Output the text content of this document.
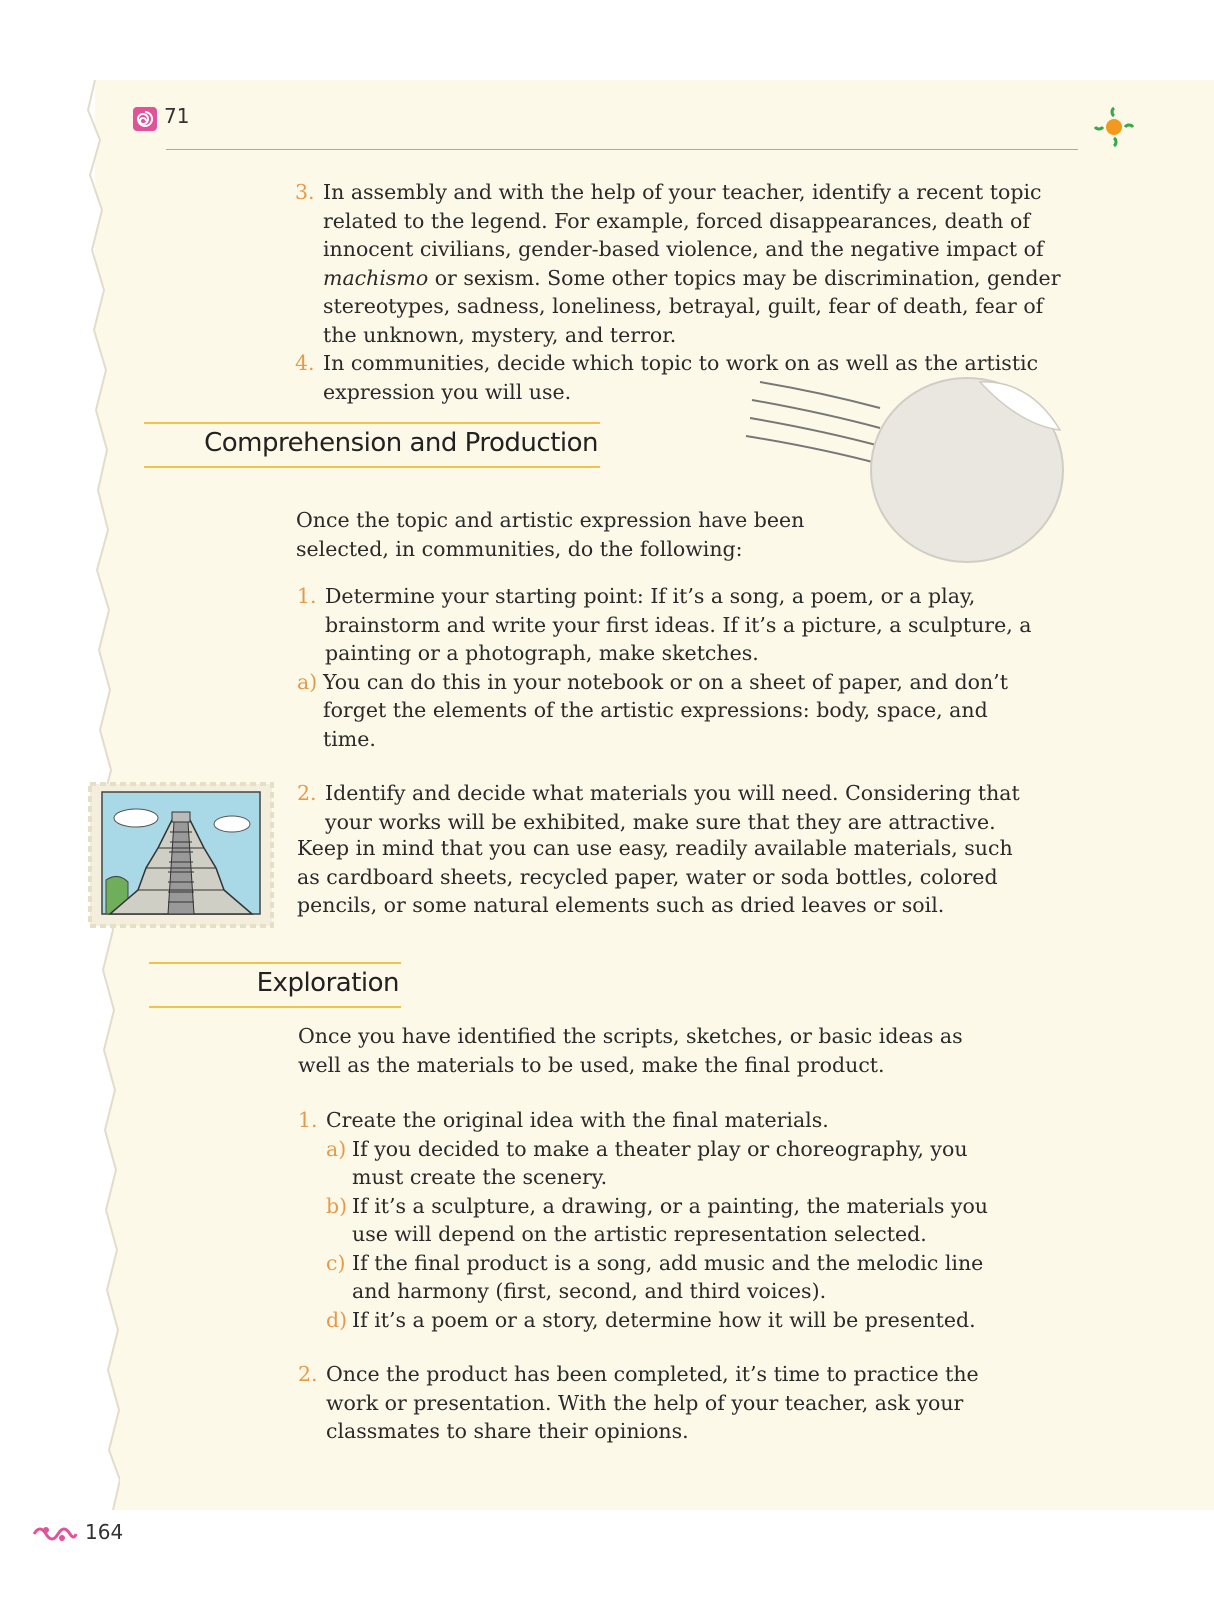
71
3. In assembly and with the help of your teacher, identify a recent topic related to the legend. For example, forced disappearances, death of innocent civilians, gender-based violence, and the negative impact of machismo or sexism. Some other topics may be discrimination, gender stereotypes, sadness, loneliness, betrayal, guilt, fear of death, fear of the unknown, mystery, and terror.
4. In communities, decide which topic to work on as well as the artistic expression you will use.
Comprehension and Production
Once the topic and artistic expression have been selected, in communities, do the following:
1. Determine your starting point: If it’s a song, a poem, or a play, brainstorm and write your first ideas. If it’s a picture, a sculpture, a painting or a photograph, make sketches.
a) You can do this in your notebook or on a sheet of paper, and don’t forget the elements of the artistic expressions: body, space, and time.
2. Identify and decide what materials you will need. Considering that your works will be exhibited, make sure that they are attractive.
Keep in mind that you can use easy, readily available materials, such as cardboard sheets, recycled paper, water or soda bottles, colored pencils, or some natural elements such as dried leaves or soil.
Exploration
Once you have identified the scripts, sketches, or basic ideas as well as the materials to be used, make the final product.
1. Create the original idea with the final materials.
a) If you decided to make a theater play or choreography, you must create the scenery.
b) If it’s a sculpture, a drawing, or a painting, the materials you use will depend on the artistic representation selected.
c) If the final product is a song, add music and the melodic line and harmony (first, second, and third voices).
d) If it’s a poem or a story, determine how it will be presented.
2. Once the product has been completed, it’s time to practice the work or presentation. With the help of your teacher, ask your classmates to share their opinions.
164
